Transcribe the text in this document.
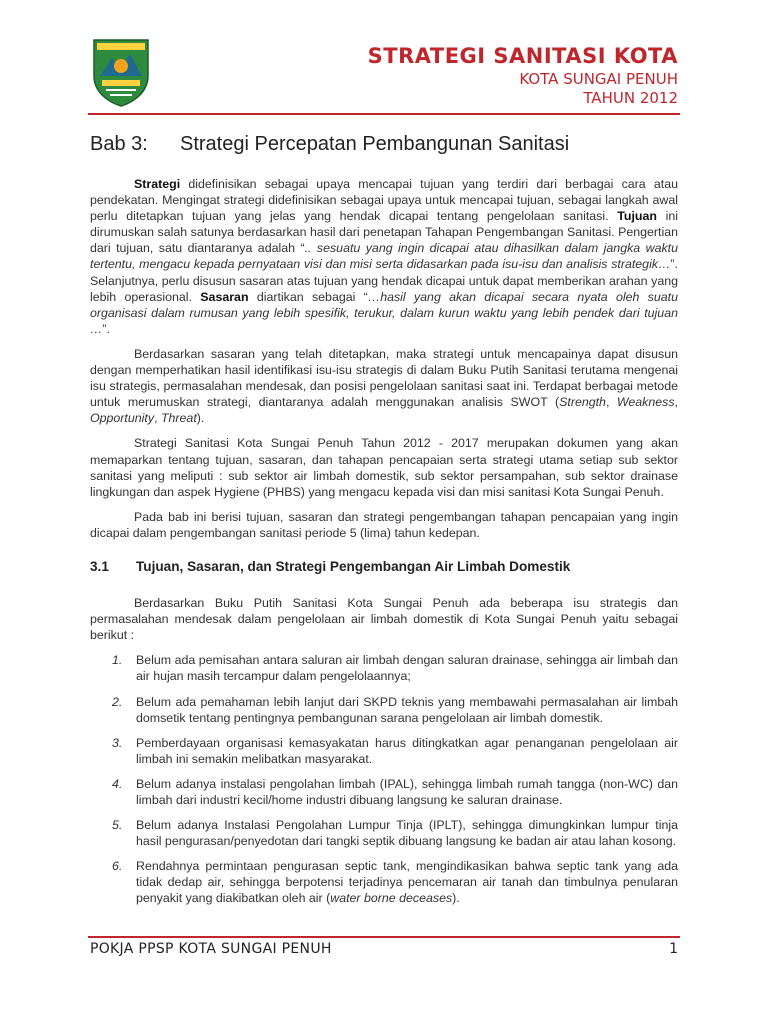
STRATEGI SANITASI KOTA
KOTA SUNGAI PENUH
TAHUN 2012
Bab 3: Strategi Percepatan Pembangunan Sanitasi

Strategi didefinisikan sebagai upaya mencapai tujuan yang terdiri dari berbagai cara atau pendekatan. Mengingat strategi didefinisikan sebagai upaya untuk mencapai tujuan, sebagai langkah awal perlu ditetapkan tujuan yang jelas yang hendak dicapai tentang pengelolaan sanitasi. Tujuan ini dirumuskan salah satunya berdasarkan hasil dari penetapan Tahapan Pengembangan Sanitasi. Pengertian dari tujuan, satu diantaranya adalah “.. sesuatu yang ingin dicapai atau dihasilkan dalam jangka waktu tertentu, mengacu kepada pernyataan visi dan misi serta didasarkan pada isu-isu dan analisis strategik…”. Selanjutnya, perlu disusun sasaran atas tujuan yang hendak dicapai untuk dapat memberikan arahan yang lebih operasional. Sasaran diartikan sebagai “…hasil yang akan dicapai secara nyata oleh suatu organisasi dalam rumusan yang lebih spesifik, terukur, dalam kurun waktu yang lebih pendek dari tujuan …”.

Berdasarkan sasaran yang telah ditetapkan, maka strategi untuk mencapainya dapat disusun dengan memperhatikan hasil identifikasi isu-isu strategis di dalam Buku Putih Sanitasi terutama mengenai isu strategis, permasalahan mendesak, dan posisi pengelolaan sanitasi saat ini. Terdapat berbagai metode untuk merumuskan strategi, diantaranya adalah menggunakan analisis SWOT (Strength, Weakness, Opportunity, Threat).

Strategi Sanitasi Kota Sungai Penuh Tahun 2012 - 2017 merupakan dokumen yang akan memaparkan tentang tujuan, sasaran, dan tahapan pencapaian serta strategi utama setiap sub sektor sanitasi yang meliputi : sub sektor air limbah domestik, sub sektor persampahan, sub sektor drainase lingkungan dan aspek Hygiene (PHBS) yang mengacu kepada visi dan misi sanitasi Kota Sungai Penuh.

Pada bab ini berisi tujuan, sasaran dan strategi pengembangan tahapan pencapaian yang ingin dicapai dalam pengembangan sanitasi periode 5 (lima) tahun kedepan.

3.1 Tujuan, Sasaran, dan Strategi Pengembangan Air Limbah Domestik

Berdasarkan Buku Putih Sanitasi Kota Sungai Penuh ada beberapa isu strategis dan permasalahan mendesak dalam pengelolaan air limbah domestik di Kota Sungai Penuh yaitu sebagai berikut :

1. Belum ada pemisahan antara saluran air limbah dengan saluran drainase, sehingga air limbah dan air hujan masih tercampur dalam pengelolaannya;
2. Belum ada pemahaman lebih lanjut dari SKPD teknis yang membawahi permasalahan air limbah domsetik tentang pentingnya pembangunan sarana pengelolaan air limbah domestik.
3. Pemberdayaan organisasi kemasyakatan harus ditingkatkan agar penanganan pengelolaan air limbah ini semakin melibatkan masyarakat.
4. Belum adanya instalasi pengolahan limbah (IPAL), sehingga limbah rumah tangga (non-WC) dan limbah dari industri kecil/home industri dibuang langsung ke saluran drainase.
5. Belum adanya Instalasi Pengolahan Lumpur Tinja (IPLT), sehingga dimungkinkan lumpur tinja hasil pengurasan/penyedotan dari tangki septik dibuang langsung ke badan air atau lahan kosong.
6. Rendahnya permintaan pengurasan septic tank, mengindikasikan bahwa septic tank yang ada tidak dedap air, sehingga berpotensi terjadinya pencemaran air tanah dan timbulnya penularan penyakit yang diakibatkan oleh air (water borne deceases).
POKJA PPSP KOTA SUNGAI PENUH	1
